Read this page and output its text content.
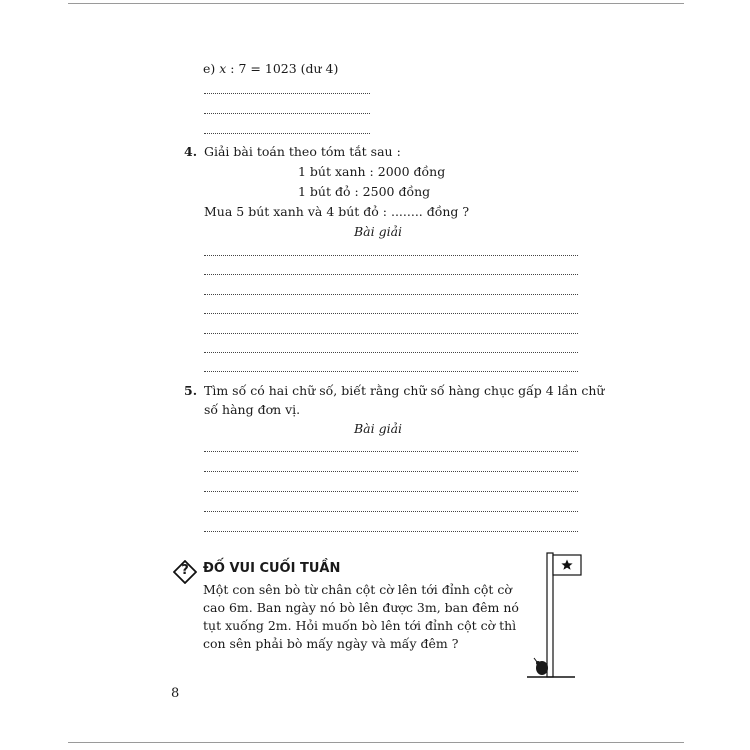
e) x : 7 = 1023 (dư 4)
4. Giải bài toán theo tóm tắt sau :
1 bút xanh : 2000 đồng
1 bút đỏ : 2500 đồng
Mua 5 bút xanh và 4 bút đỏ : ........ đồng ?
Bài giải
5. Tìm số có hai chữ số, biết rằng chữ số hàng chục gấp 4 lần chữ
số hàng đơn vị.
Bài giải
?	ĐỐ VUI CUỐI TUẦN
Một con sên bò từ chân cột cờ lên tới đỉnh cột cờ
cao 6m. Ban ngày nó bò lên được 3m, ban đêm nó
tụt xuống 2m. Hỏi muốn bò lên tới đỉnh cột cờ thì
con sên phải bò mấy ngày và mấy đêm ?
8
